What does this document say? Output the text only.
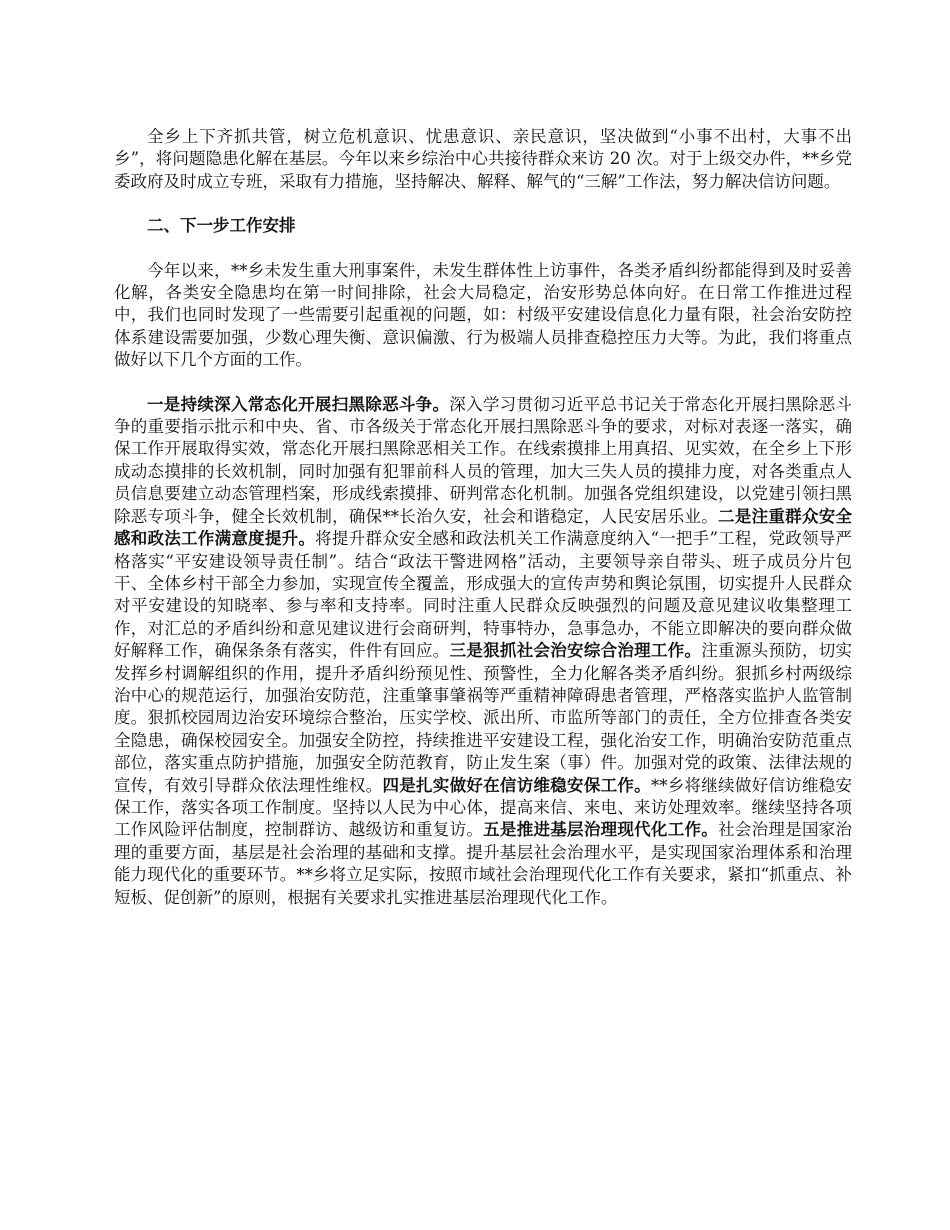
全乡上下齐抓共管，树立危机意识、忧患意识、亲民意识，坚决做到“小事不出村，大事不出乡”，将问题隐患化解在基层。今年以来乡综治中心共接待群众来访 20 次。对于上级交办件，**乡党委政府及时成立专班，采取有力措施，坚持解决、解释、解气的“三解”工作法，努力解决信访问题。

二、下一步工作安排

今年以来，**乡未发生重大刑事案件，未发生群体性上访事件，各类矛盾纠纷都能得到及时妥善化解，各类安全隐患均在第一时间排除，社会大局稳定，治安形势总体向好。在日常工作推进过程中，我们也同时发现了一些需要引起重视的问题，如：村级平安建设信息化力量有限，社会治安防控体系建设需要加强，少数心理失衡、意识偏激、行为极端人员排查稳控压力大等。为此，我们将重点做好以下几个方面的工作。

一是持续深入常态化开展扫黑除恶斗争。深入学习贯彻习近平总书记关于常态化开展扫黑除恶斗争的重要指示批示和中央、省、市各级关于常态化开展扫黑除恶斗争的要求，对标对表逐一落实，确保工作开展取得实效，常态化开展扫黑除恶相关工作。在线索摸排上用真招、见实效，在全乡上下形成动态摸排的长效机制，同时加强有犯罪前科人员的管理，加大三失人员的摸排力度，对各类重点人员信息要建立动态管理档案，形成线索摸排、研判常态化机制。加强各党组织建设，以党建引领扫黑除恶专项斗争，健全长效机制，确保**长治久安，社会和谐稳定，人民安居乐业。二是注重群众安全感和政法工作满意度提升。将提升群众安全感和政法机关工作满意度纳入“一把手”工程，党政领导严格落实“平安建设领导责任制”。结合“政法干警进网格”活动，主要领导亲自带头、班子成员分片包干、全体乡村干部全力参加，实现宣传全覆盖，形成强大的宣传声势和舆论氛围，切实提升人民群众对平安建设的知晓率、参与率和支持率。同时注重人民群众反映强烈的问题及意见建议收集整理工作，对汇总的矛盾纠纷和意见建议进行会商研判，特事特办，急事急办，不能立即解决的要向群众做好解释工作，确保条条有落实，件件有回应。三是狠抓社会治安综合治理工作。注重源头预防，切实发挥乡村调解组织的作用，提升矛盾纠纷预见性、预警性，全力化解各类矛盾纠纷。狠抓乡村两级综治中心的规范运行，加强治安防范，注重肇事肇祸等严重精神障碍患者管理，严格落实监护人监管制度。狠抓校园周边治安环境综合整治，压实学校、派出所、市监所等部门的责任，全方位排查各类安全隐患，确保校园安全。加强安全防控，持续推进平安建设工程，强化治安工作，明确治安防范重点部位，落实重点防护措施，加强安全防范教育，防止发生案（事）件。加强对党的政策、法律法规的宣传，有效引导群众依法理性维权。四是扎实做好在信访维稳安保工作。**乡将继续做好信访维稳安保工作，落实各项工作制度。坚持以人民为中心体，提高来信、来电、来访处理效率。继续坚持各项工作风险评估制度，控制群访、越级访和重复访。五是推进基层治理现代化工作。社会治理是国家治理的重要方面，基层是社会治理的基础和支撑。提升基层社会治理水平，是实现国家治理体系和治理能力现代化的重要环节。**乡将立足实际，按照市域社会治理现代化工作有关要求，紧扣“抓重点、补短板、促创新”的原则，根据有关要求扎实推进基层治理现代化工作。
